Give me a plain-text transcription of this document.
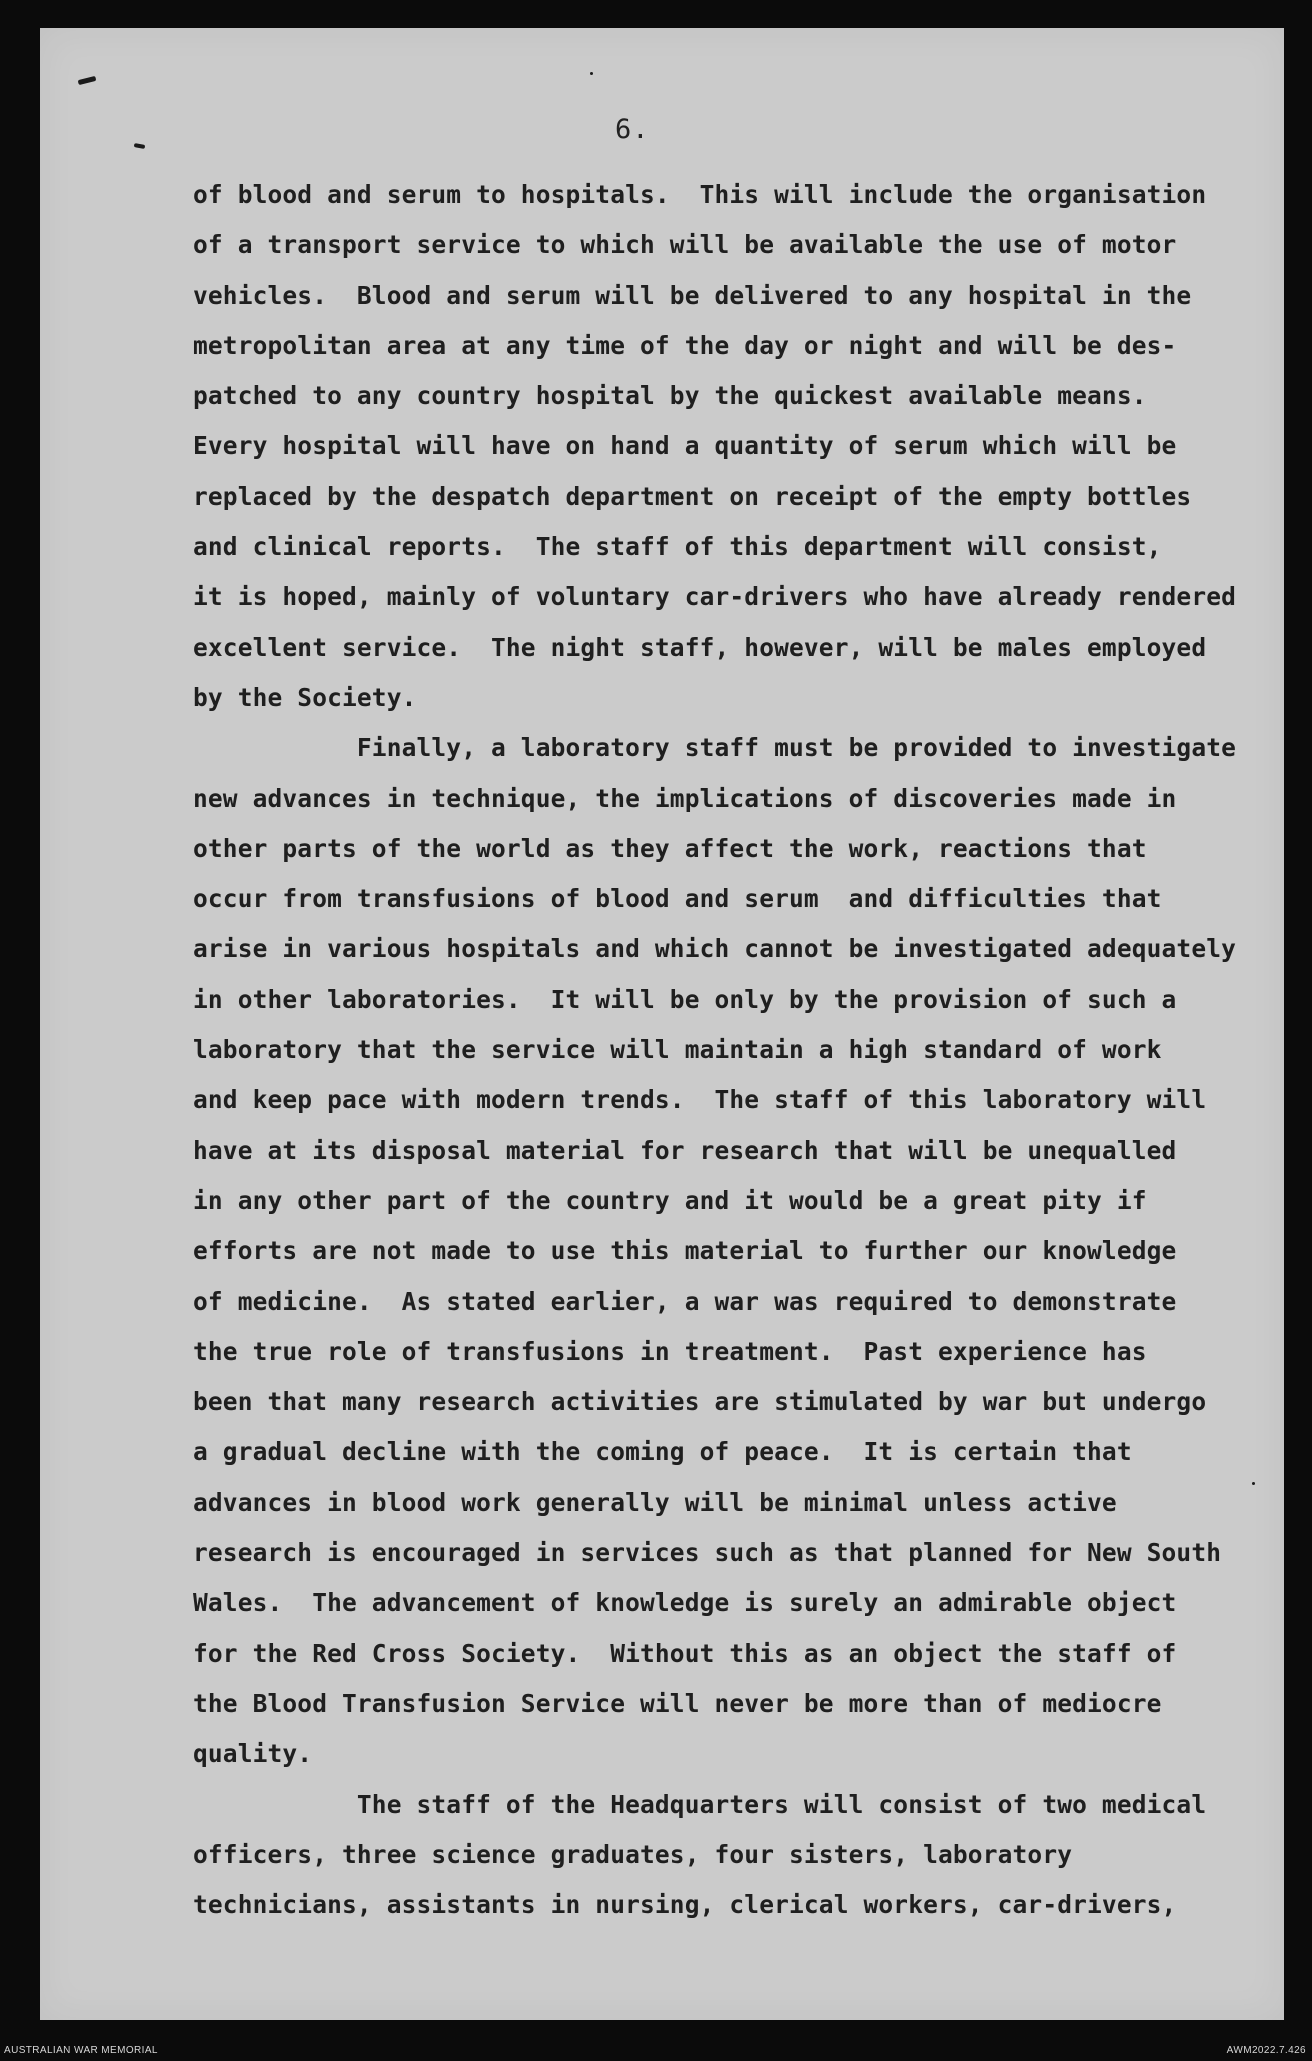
6.
of blood and serum to hospitals.  This will include the organisation
of a transport service to which will be available the use of motor
vehicles.  Blood and serum will be delivered to any hospital in the
metropolitan area at any time of the day or night and will be des-
patched to any country hospital by the quickest available means.
Every hospital will have on hand a quantity of serum which will be
replaced by the despatch department on receipt of the empty bottles
and clinical reports.  The staff of this department will consist,
it is hoped, mainly of voluntary car-drivers who have already rendered
excellent service.  The night staff, however, will be males employed
by the Society.
Finally, a laboratory staff must be provided to investigate
new advances in technique, the implications of discoveries made in
other parts of the world as they affect the work, reactions that
occur from transfusions of blood and serum  and difficulties that
arise in various hospitals and which cannot be investigated adequately
in other laboratories.  It will be only by the provision of such a
laboratory that the service will maintain a high standard of work
and keep pace with modern trends.  The staff of this laboratory will
have at its disposal material for research that will be unequalled
in any other part of the country and it would be a great pity if
efforts are not made to use this material to further our knowledge
of medicine.  As stated earlier, a war was required to demonstrate
the true role of transfusions in treatment.  Past experience has
been that many research activities are stimulated by war but undergo
a gradual decline with the coming of peace.  It is certain that
advances in blood work generally will be minimal unless active
research is encouraged in services such as that planned for New South
Wales.  The advancement of knowledge is surely an admirable object
for the Red Cross Society.  Without this as an object the staff of
the Blood Transfusion Service will never be more than of mediocre
quality.
The staff of the Headquarters will consist of two medical
officers, three science graduates, four sisters, laboratory
technicians, assistants in nursing, clerical workers, car-drivers,
AUSTRALIAN WAR MEMORIAL	AWM2022.7.426
